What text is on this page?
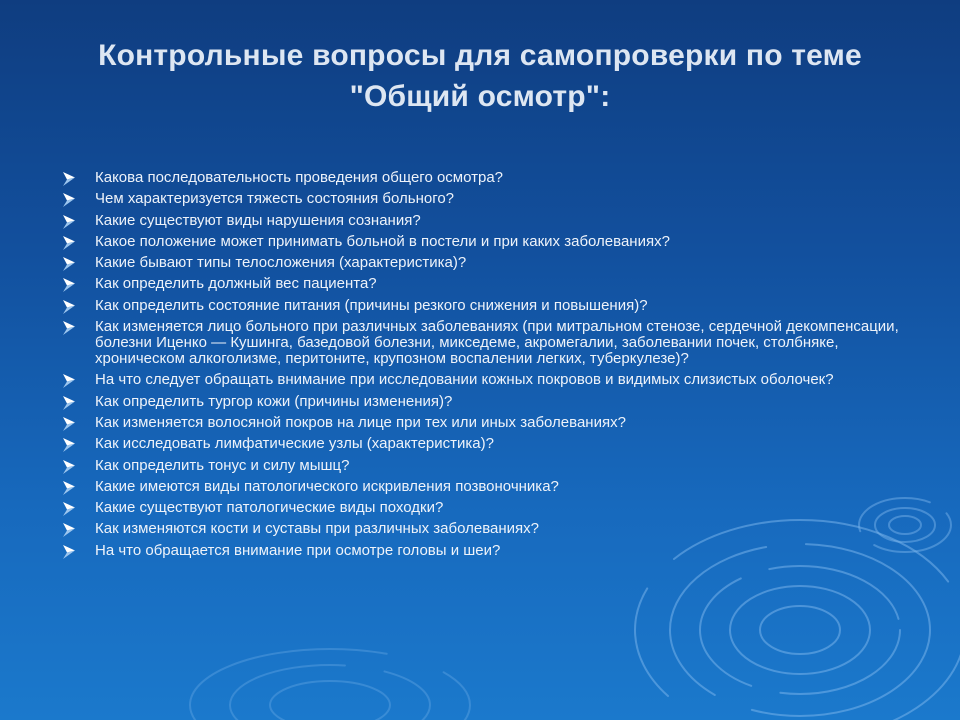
Контрольные вопросы для самопроверки по теме
"Общий осмотр":
Какова последовательность проведения общего осмотра?
Чем характеризуется тяжесть состояния больного?
Какие существуют виды нарушения сознания?
Какое положение может принимать больной в постели и при каких заболеваниях?
Какие бывают типы телосложения (характеристика)?
Как определить должный вес пациента?
Как определить состояние питания (причины резкого снижения и повышения)?
Как изменяется лицо больного при различных заболеваниях (при митральном стенозе, сердечной декомпенсации, болезни Иценко — Кушинга, базедовой болезни, микседеме, акромегалии, заболевании почек, столбняке, хроническом алкоголизме, перитоните, крупозном воспалении легких, туберкулезе)?
На что следует обращать внимание при исследовании кожных покровов и видимых слизистых оболочек?
Как определить тургор кожи (причины изменения)?
Как изменяется волосяной покров на лице при тех или иных заболеваниях?
Как исследовать лимфатические узлы (характеристика)?
Как определить тонус и силу мышц?
Какие имеются виды патологического искривления позвоночника?
Какие существуют патологические виды походки?
Как изменяются кости и суставы при различных заболеваниях?
На что обращается внимание при осмотре головы и шеи?
